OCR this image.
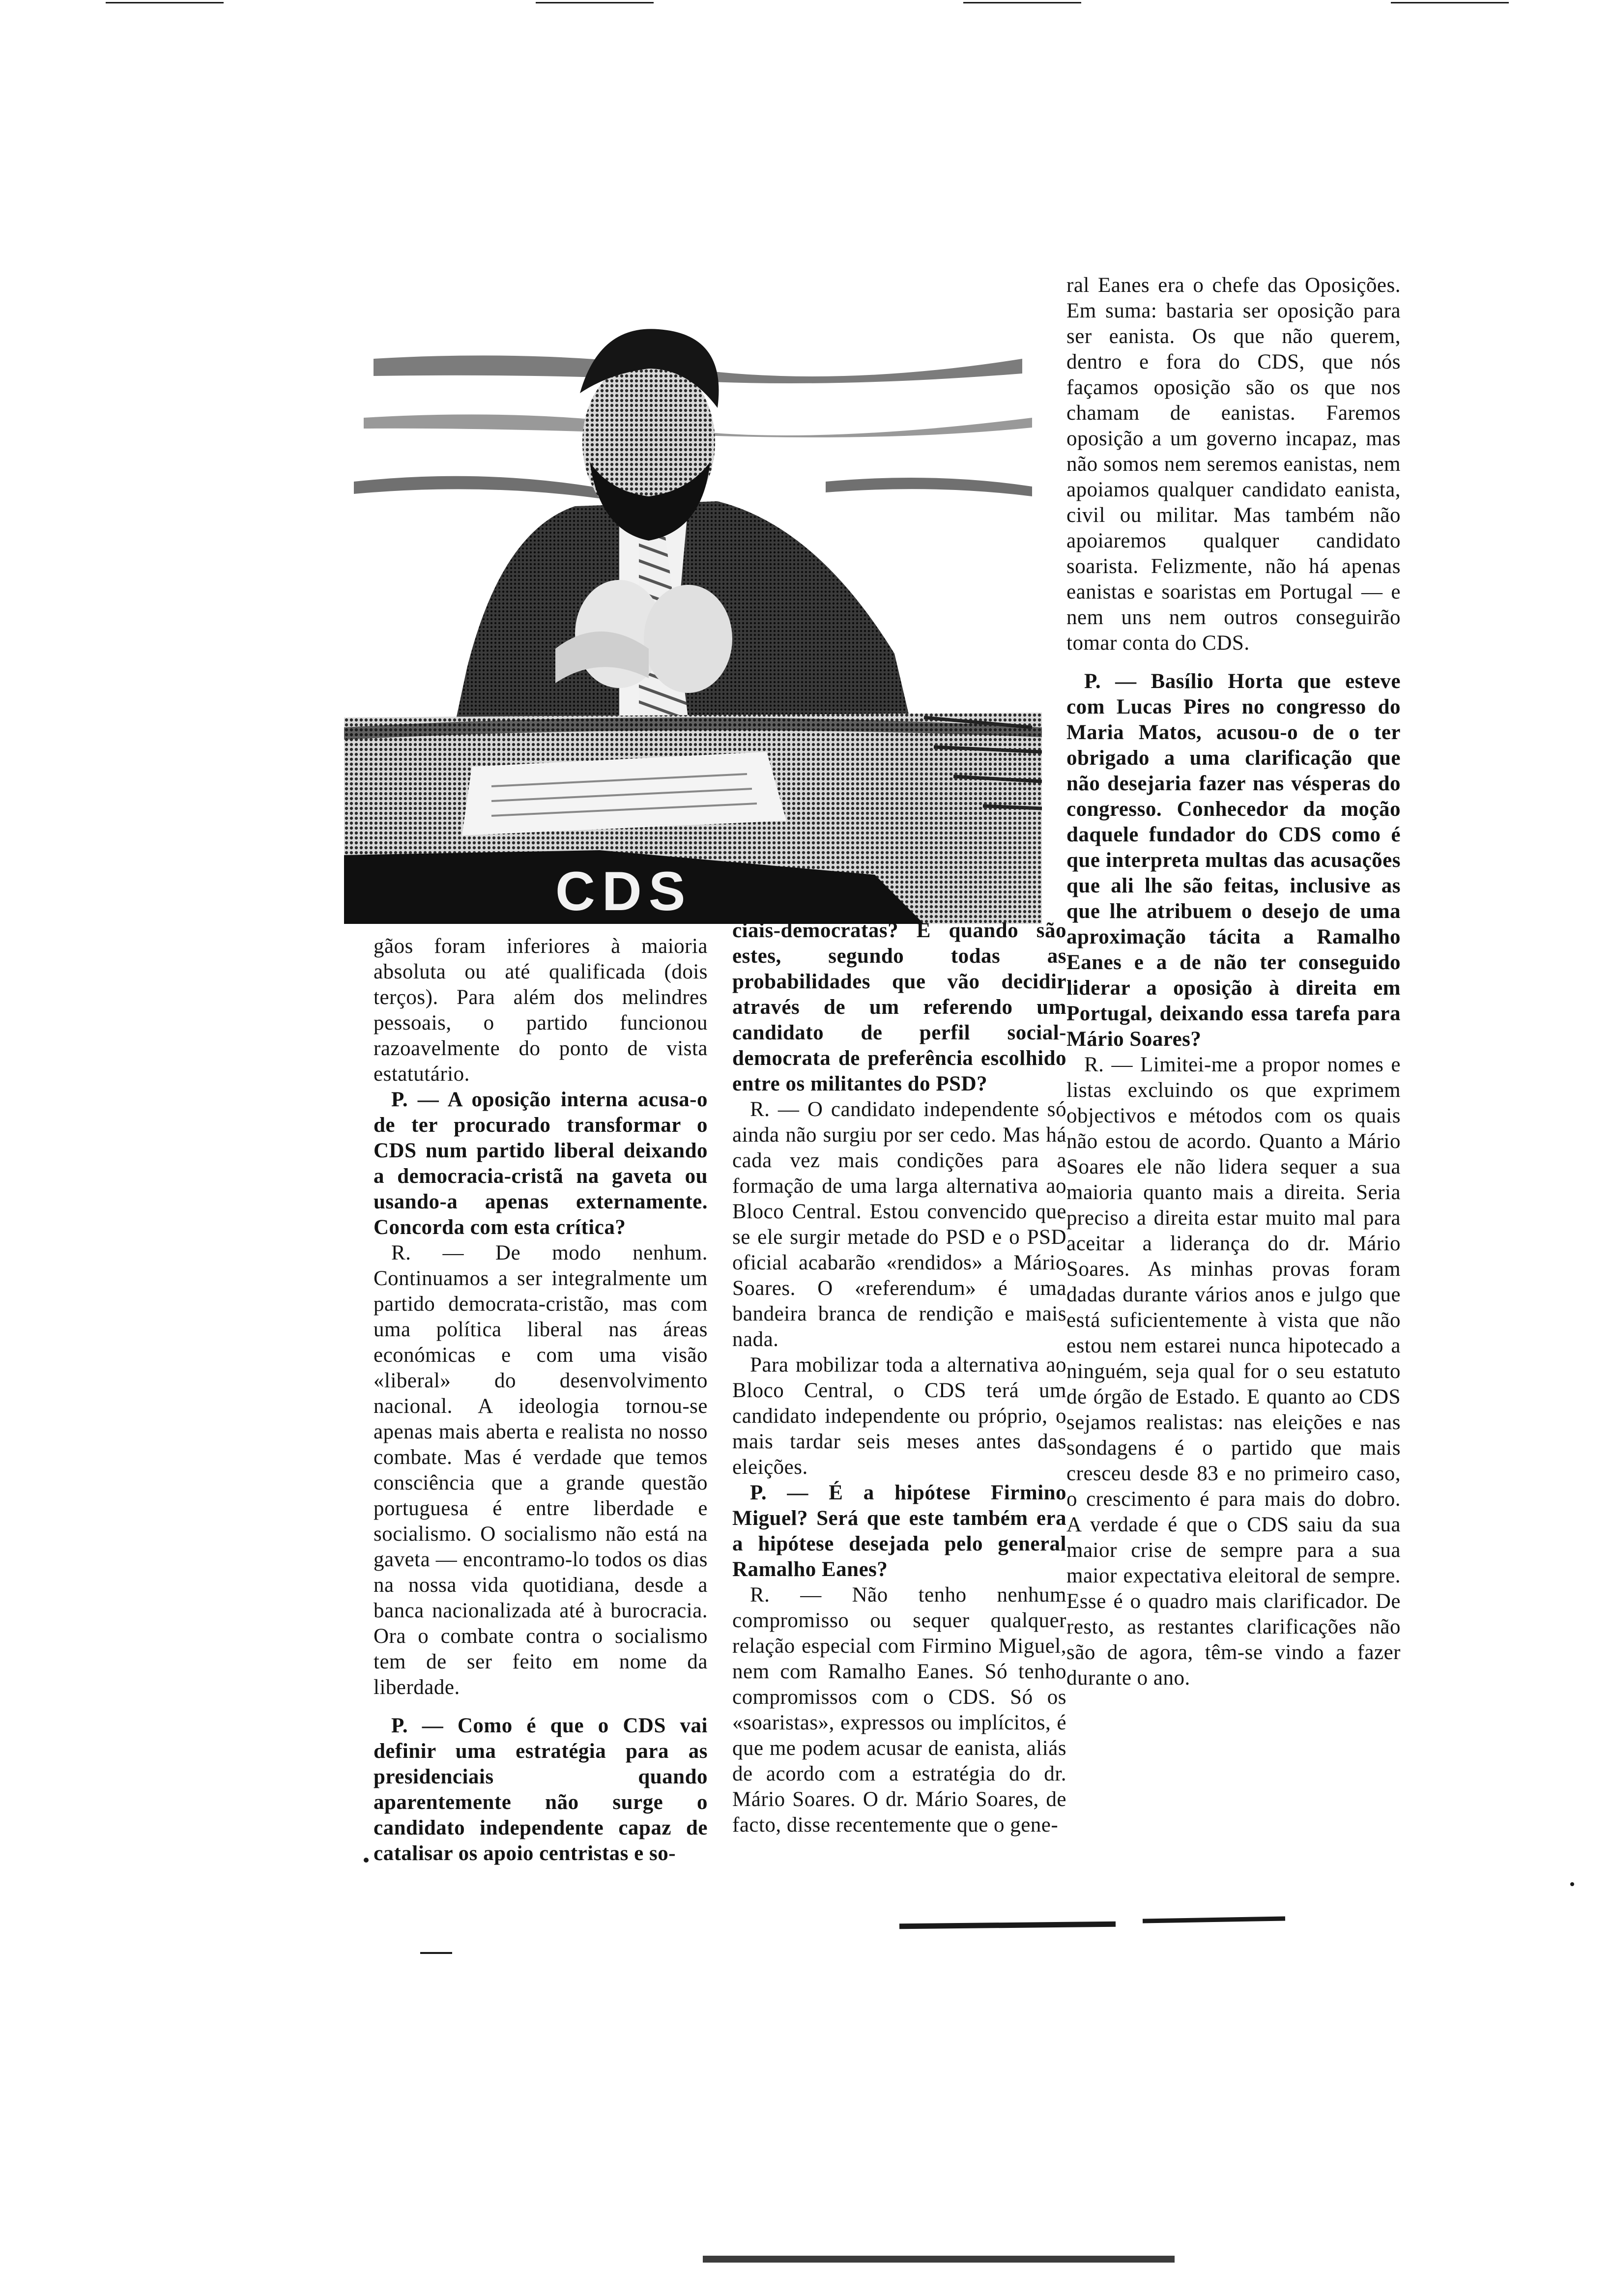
CDS

gãos foram inferiores à maioria absoluta ou até qualificada (dois terços). Para além dos melindres pessoais, o partido funcionou razoavelmente do ponto de vista estatutário.

P. — A oposição interna acusa-o de ter procurado transformar o CDS num partido liberal deixando a democracia-cristã na gaveta ou usando-a apenas externamente. Concorda com esta crítica?

R. — De modo nenhum. Continuamos a ser integralmente um partido democrata-cristão, mas com uma política liberal nas áreas económicas e com uma visão «liberal» do desenvolvimento nacional. A ideologia tornou-se apenas mais aberta e realista no nosso combate. Mas é verdade que temos consciência que a grande questão portuguesa é entre liberdade e socialismo. O socialismo não está na gaveta — encontramo-lo todos os dias na nossa vida quotidiana, desde a banca nacionalizada até à burocracia. Ora o combate contra o socialismo tem de ser feito em nome da liberdade.

P. — Como é que o CDS vai definir uma estratégia para as presidenciais quando aparentemente não surge o candidato independente capaz de catalisar os apoio centristas e so-

ciais-democratas? E quando são estes, segundo todas as probabilidades que vão decidir através de um referendo um candidato de perfil social-democrata de preferência escolhido entre os militantes do PSD?

R. — O candidato independente só ainda não surgiu por ser cedo. Mas há cada vez mais condições para a formação de uma larga alternativa ao Bloco Central. Estou convencido que se ele surgir metade do PSD e o PSD oficial acabarão «rendidos» a Mário Soares. O «referendum» é uma bandeira branca de rendição e mais nada.

Para mobilizar toda a alternativa ao Bloco Central, o CDS terá um candidato independente ou próprio, o mais tardar seis meses antes das eleições.

P. — É a hipótese Firmino Miguel? Será que este também era a hipótese desejada pelo general Ramalho Eanes?

R. — Não tenho nenhum compromisso ou sequer qualquer relação especial com Firmino Miguel, nem com Ramalho Eanes. Só tenho compromissos com o CDS. Só os «soaristas», expressos ou implícitos, é que me podem acusar de eanista, aliás de acordo com a estratégia do dr. Mário Soares. O dr. Mário Soares, de facto, disse recentemente que o gene-

ral Eanes era o chefe das Oposições. Em suma: bastaria ser oposição para ser eanista. Os que não querem, dentro e fora do CDS, que nós façamos oposição são os que nos chamam de eanistas. Faremos oposição a um governo incapaz, mas não somos nem seremos eanistas, nem apoiamos qualquer candidato eanista, civil ou militar. Mas também não apoiaremos qualquer candidato soarista. Felizmente, não há apenas eanistas e soaristas em Portugal — e nem uns nem outros conseguirão tomar conta do CDS.

P. — Basílio Horta que esteve com Lucas Pires no congresso do Maria Matos, acusou-o de o ter obrigado a uma clarificação que não desejaria fazer nas vésperas do congresso. Conhecedor da moção daquele fundador do CDS como é que interpreta multas das acusações que ali lhe são feitas, inclusive as que lhe atribuem o desejo de uma aproximação tácita a Ramalho Eanes e a de não ter conseguido liderar a oposição à direita em Portugal, deixando essa tarefa para Mário Soares?

R. — Limitei-me a propor nomes e listas excluindo os que exprimem objectivos e métodos com os quais não estou de acordo. Quanto a Mário Soares ele não lidera sequer a sua maioria quanto mais a direita. Seria preciso a direita estar muito mal para aceitar a liderança do dr. Mário Soares. As minhas provas foram dadas durante vários anos e julgo que está suficientemente à vista que não estou nem estarei nunca hipotecado a ninguém, seja qual for o seu estatuto de órgão de Estado. E quanto ao CDS sejamos realistas: nas eleições e nas sondagens é o partido que mais cresceu desde 83 e no primeiro caso, o crescimento é para mais do dobro. A verdade é que o CDS saiu da sua maior crise de sempre para a sua maior expectativa eleitoral de sempre. Esse é o quadro mais clarificador. De resto, as restantes clarificações não são de agora, têm-se vindo a fazer durante o ano.
